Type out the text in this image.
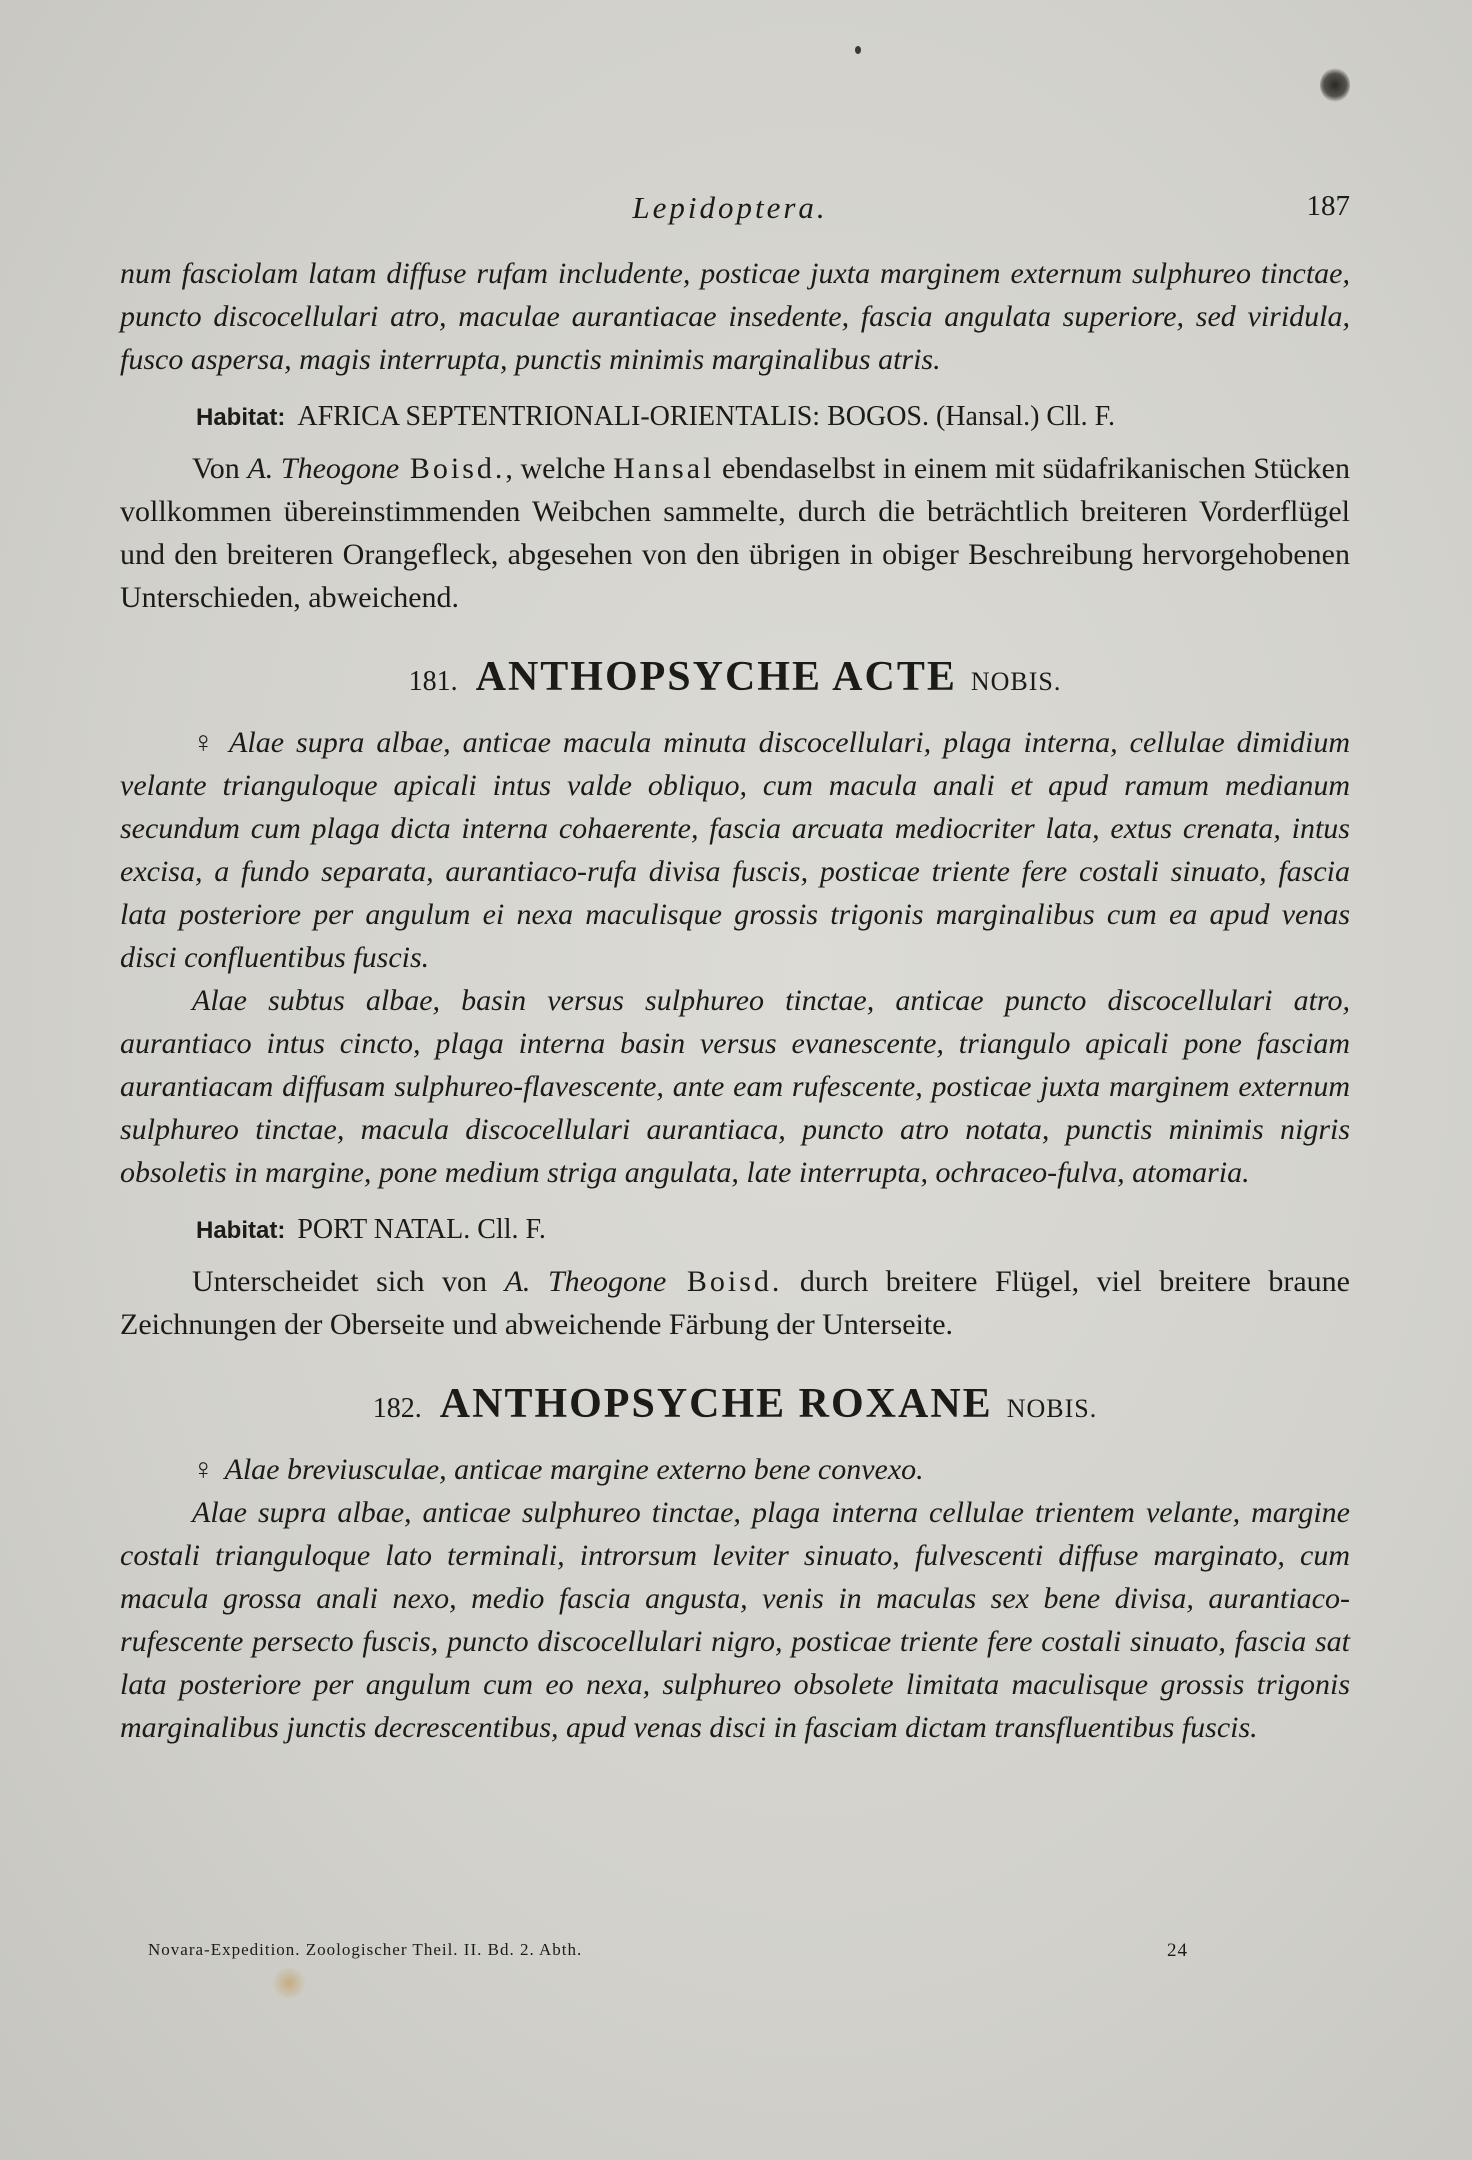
Lepidoptera.	187

num fasciolam latam diffuse rufam includente, posticae juxta marginem externum sulphureo tinctae, puncto discocellulari atro, maculae aurantiacae insedente, fascia angulata superiore, sed viridula, fusco aspersa, magis interrupta, punctis minimis marginalibus atris.

Habitat: AFRICA SEPTENTRIONALI-ORIENTALIS: BOGOS. (Hansal.) Cll. F.

Von A. Theogone Boisd., welche Hansal ebendaselbst in einem mit südafrikanischen Stücken vollkommen übereinstimmenden Weibchen sammelte, durch die beträchtlich breiteren Vorderflügel und den breiteren Orangefleck, abgesehen von den übrigen in obiger Beschreibung hervorgehobenen Unterschieden, abweichend.

181. ANTHOPSYCHE ACTE NOBIS.

♀ Alae supra albae, anticae macula minuta discocellulari, plaga interna, cellulae dimidium velante trianguloque apicali intus valde obliquo, cum macula anali et apud ramum medianum secundum cum plaga dicta interna cohaerente, fascia arcuata mediocriter lata, extus crenata, intus excisa, a fundo separata, aurantiaco-rufa divisa fuscis, posticae triente fere costali sinuato, fascia lata posteriore per angulum ei nexa maculisque grossis trigonis marginalibus cum ea apud venas disci confluentibus fuscis.

Alae subtus albae, basin versus sulphureo tinctae, anticae puncto discocellulari atro, aurantiaco intus cincto, plaga interna basin versus evanescente, triangulo apicali pone fasciam aurantiacam diffusam sulphureo-flavescente, ante eam rufescente, posticae juxta marginem externum sulphureo tinctae, macula discocellulari aurantiaca, puncto atro notata, punctis minimis nigris obsoletis in margine, pone medium striga angulata, late interrupta, ochraceo-fulva, atomaria.

Habitat: PORT NATAL. Cll. F.

Unterscheidet sich von A. Theogone Boisd. durch breitere Flügel, viel breitere braune Zeichnungen der Oberseite und abweichende Färbung der Unterseite.

182. ANTHOPSYCHE ROXANE NOBIS.

♀ Alae breviusculae, anticae margine externo bene convexo.

Alae supra albae, anticae sulphureo tinctae, plaga interna cellulae trientem velante, margine costali trianguloque lato terminali, introrsum leviter sinuato, fulvescenti diffuse marginato, cum macula grossa anali nexo, medio fascia angusta, venis in maculas sex bene divisa, aurantiaco-rufescente persecto fuscis, puncto discocellulari nigro, posticae triente fere costali sinuato, fascia sat lata posteriore per angulum cum eo nexa, sulphureo obsolete limitata maculisque grossis trigonis marginalibus junctis decrescentibus, apud venas disci in fasciam dictam transfluentibus fuscis.

Novara-Expedition. Zoologischer Theil. II. Bd. 2. Abth.	24
